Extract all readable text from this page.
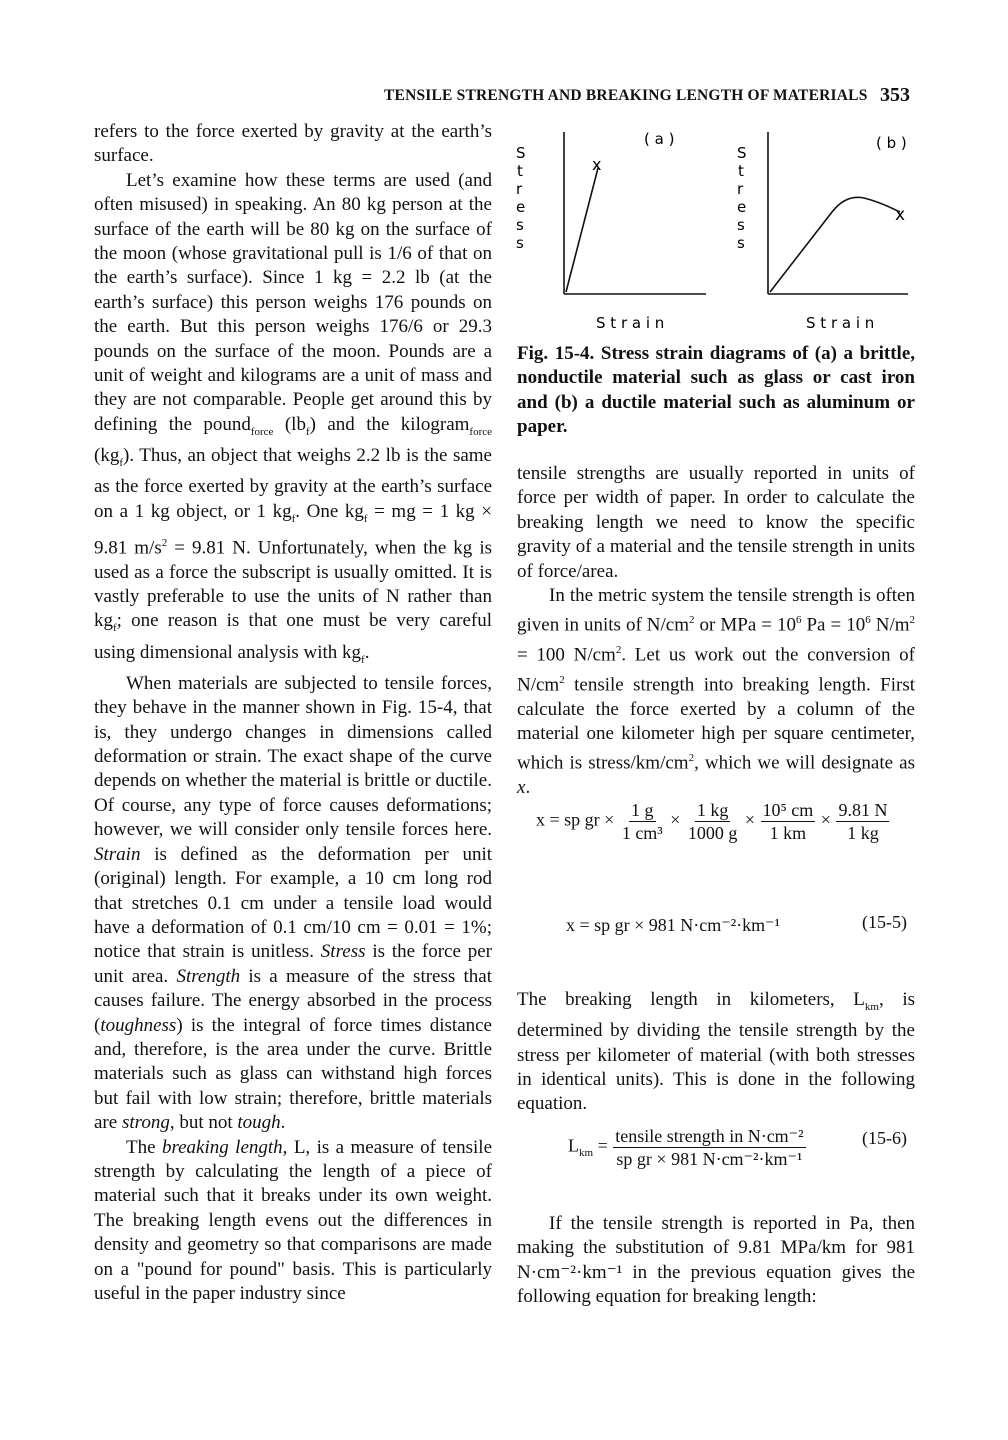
TENSILE STRENGTH AND BREAKING LENGTH OF MATERIALS 353

refers to the force exerted by gravity at the earth’s surface.

Let’s examine how these terms are used (and often misused) in speaking. An 80 kg person at the surface of the earth will be 80 kg on the surface of the moon (whose gravitational pull is 1/6 of that on the earth’s surface). Since 1 kg = 2.2 lb (at the earth’s surface) this person weighs 176 pounds on the earth. But this person weighs 176/6 or 29.3 pounds on the surface of the moon. Pounds are a unit of weight and kilograms are a unit of mass and they are not comparable. People get around this by defining the pound$_{force}$ $(lb_f)$ and the kilogram$_{force}$ $(kg_f)$. Thus, an object that weighs 2.2 lb is the same as the force exerted by gravity at the earth’s surface on a 1 kg object, or 1 $kg_f$. One $kg_f$ = mg = 1 kg × 9.81 $m/s^2 = 9.81$ N. Unfortunately, when the kg is used as a force the subscript is usually omitted. It is vastly preferable to use the units of N rather than $kg_f$; one reason is that one must be very careful using dimensional analysis with $kg_f$.

When materials are subjected to tensile forces, they behave in the manner shown in Fig. 15-4, that is, they undergo changes in dimensions called deformation or strain. The exact shape of the curve depends on whether the material is brittle or ductile. Of course, any type of force causes deformations; however, we will consider only tensile forces here. Strain is defined as the deformation per unit (original) length. For example, a 10 cm long rod that stretches 0.1 cm under a tensile load would have a deformation of 0.1 cm/10 cm = 0.01 = 1%; notice that strain is unitless. Stress is the force per unit area. Strength is a measure of the stress that causes failure. The energy absorbed in the process (toughness) is the integral of force times distance and, therefore, is the area under the curve. Brittle materials such as glass can withstand high forces but fail with low strain; therefore, brittle materials are strong, but not tough.

The breaking length, L, is a measure of tensile strength by calculating the length of a piece of material such that it breaks under its own weight. The breaking length evens out the differences in density and geometry so that comparisons are made on a "pound for pound" basis. This is particularly useful in the paper industry since

( a )
S
t
r
e
s
s
x
S t r a i n
( b )
S
t
r
e
s
s
x
S t r a i n
Fig. 15-4. Stress strain diagrams of (a) a brittle, nonductile material such as glass or cast iron and (b) a ductile material such as aluminum or paper.

tensile strengths are usually reported in units of force per width of paper. In order to calculate the breaking length we need to know the specific gravity of a material and the tensile strength in units of force/area.

In the metric system the tensile strength is often given in units of $N/cm^2$ or MPa = $10^6$ $Pa = 10^6$ $N/m^2 = 100$ $N/cm^2$. Let us work out the conversion of $N/cm^2$ tensile strength into breaking length. First calculate the force exerted by a column of the material one kilometer high per square centimeter, which is stress/$km/cm^2$, which we will designate as x.

x = sp gr × $\frac{1 g}{\text{1 cm³}} \times \frac{1 kg}{1000 g} \times \frac{\text{10⁵ cm}}{1 km} \times \frac{9.81 N}{1 kg}$
x = sp gr × 981 N·cm⁻²·km⁻¹	(15-5)

The breaking length in kilometers, $L_{km}$, is determined by dividing the tensile strength by the stress per kilometer of material (with both stresses in identical units). This is done in the following equation.

$L_{km} = \frac{\text{tensile strength in N·cm⁻²}}{\text{sp gr × 981 N·cm⁻²·km⁻¹}}$	(15-6)

If the tensile strength is reported in Pa, then making the substitution of 9.81 MPa/km for 981 N·cm⁻²·km⁻¹ in the previous equation gives the following equation for breaking length:
